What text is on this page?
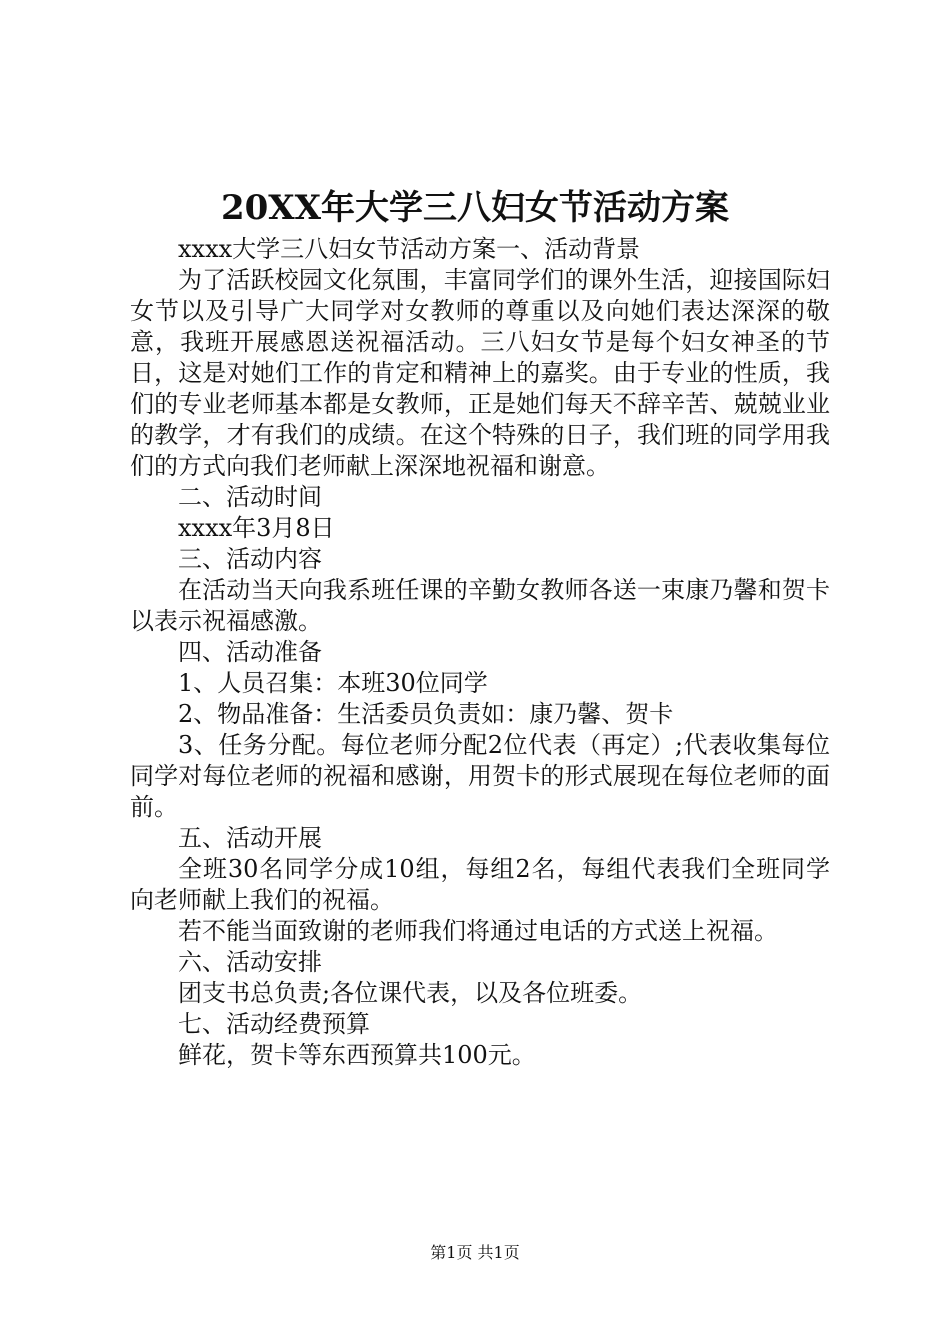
20XX年大学三八妇女节活动方案

xxxx大学三八妇女节活动方案一、活动背景

为了活跃校园文化氛围，丰富同学们的课外生活，迎接国际妇女节以及引导广大同学对女教师的尊重以及向她们表达深深的敬意，我班开展感恩送祝福活动。三八妇女节是每个妇女神圣的节日，这是对她们工作的肯定和精神上的嘉奖。由于专业的性质，我们的专业老师基本都是女教师，正是她们每天不辞辛苦、兢兢业业的教学，才有我们的成绩。在这个特殊的日子，我们班的同学用我们的方式向我们老师献上深深地祝福和谢意。

二、活动时间

xxxx年3月8日

三、活动内容

在活动当天向我系班任课的辛勤女教师各送一束康乃馨和贺卡以表示祝福感激。

四、活动准备

1、人员召集：本班30位同学

2、物品准备：生活委员负责如：康乃馨、贺卡

3、任务分配。每位老师分配2位代表（再定）;代表收集每位同学对每位老师的祝福和感谢，用贺卡的形式展现在每位老师的面前。

五、活动开展

全班30名同学分成10组，每组2名，每组代表我们全班同学向老师献上我们的祝福。

若不能当面致谢的老师我们将通过电话的方式送上祝福。

六、活动安排

团支书总负责;各位课代表，以及各位班委。

七、活动经费预算

鲜花，贺卡等东西预算共100元。

第1页 共1页
